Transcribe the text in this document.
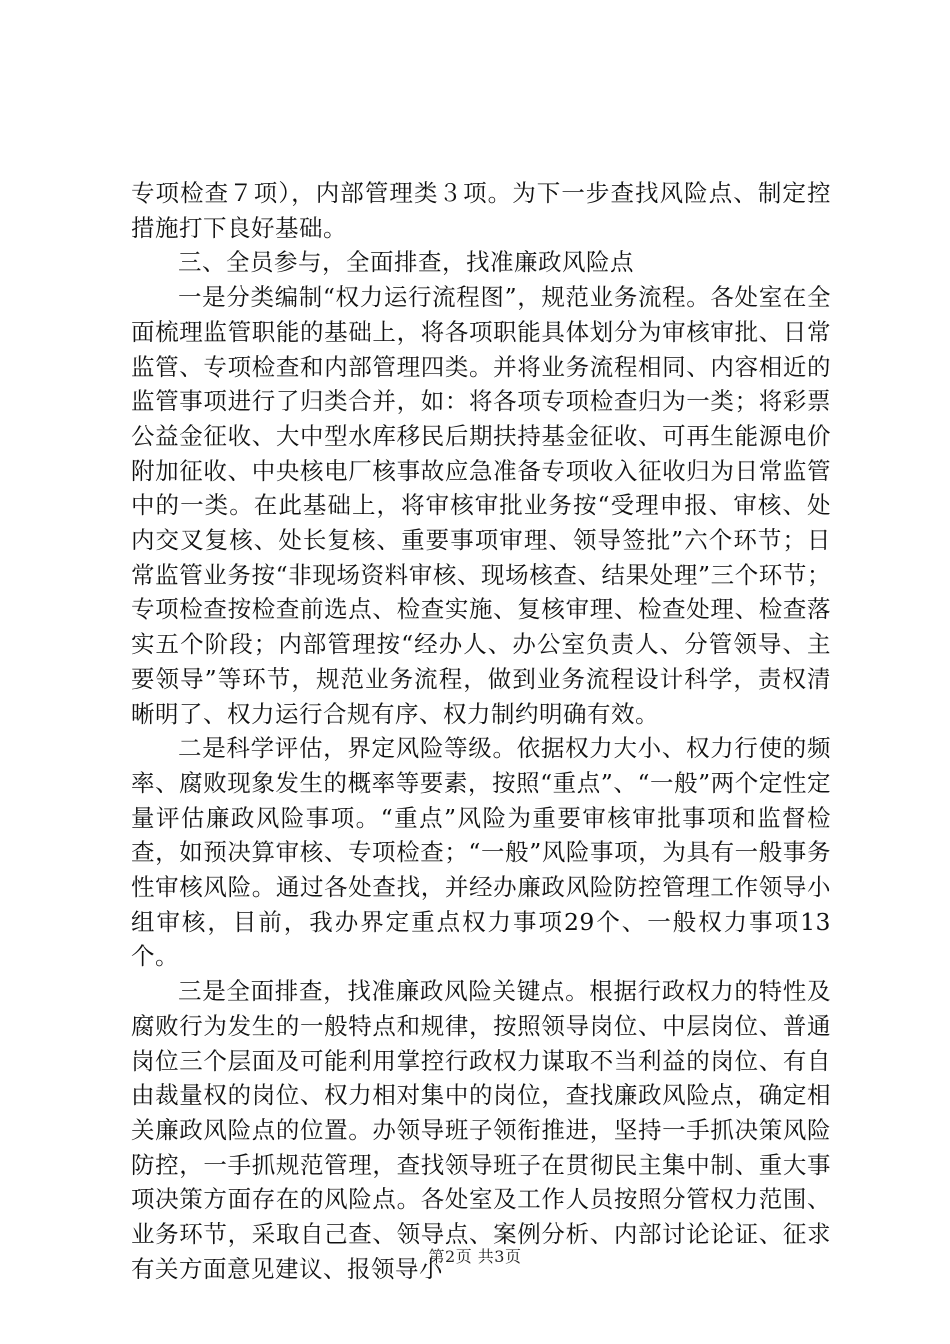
专项检查７项），内部管理类３项。为下一步查找风险点、制定控措施打下良好基础。

三、全员参与，全面排查，找准廉政风险点

一是分类编制“权力运行流程图”，规范业务流程。各处室在全面梳理监管职能的基础上，将各项职能具体划分为审核审批、日常监管、专项检查和内部管理四类。并将业务流程相同、内容相近的监管事项进行了归类合并，如：将各项专项检查归为一类；将彩票公益金征收、大中型水库移民后期扶持基金征收、可再生能源电价附加征收、中央核电厂核事故应急准备专项收入征收归为日常监管中的一类。在此基础上，将审核审批业务按“受理申报、审核、处内交叉复核、处长复核、重要事项审理、领导签批”六个环节；日常监管业务按“非现场资料审核、现场核查、结果处理”三个环节；专项检查按检查前选点、检查实施、复核审理、检查处理、检查落实五个阶段；内部管理按“经办人、办公室负责人、分管领导、主要领导”等环节，规范业务流程，做到业务流程设计科学，责权清晰明了、权力运行合规有序、权力制约明确有效。

二是科学评估，界定风险等级。依据权力大小、权力行使的频率、腐败现象发生的概率等要素，按照“重点”、“一般”两个定性定量评估廉政风险事项。“重点”风险为重要审核审批事项和监督检查，如预决算审核、专项检查；“一般”风险事项，为具有一般事务性审核风险。通过各处查找，并经办廉政风险防控管理工作领导小组审核，目前，我办界定重点权力事项29个、一般权力事项13个。

三是全面排查，找准廉政风险关键点。根据行政权力的特性及腐败行为发生的一般特点和规律，按照领导岗位、中层岗位、普通岗位三个层面及可能利用掌控行政权力谋取不当利益的岗位、有自由裁量权的岗位、权力相对集中的岗位，查找廉政风险点，确定相关廉政风险点的位置。办领导班子领衔推进，坚持一手抓决策风险防控，一手抓规范管理，查找领导班子在贯彻民主集中制、重大事项决策方面存在的风险点。各处室及工作人员按照分管权力范围、业务环节，采取自己查、领导点、案例分析、内部讨论论证、征求有关方面意见建议、报领导小

第2页 共3页
